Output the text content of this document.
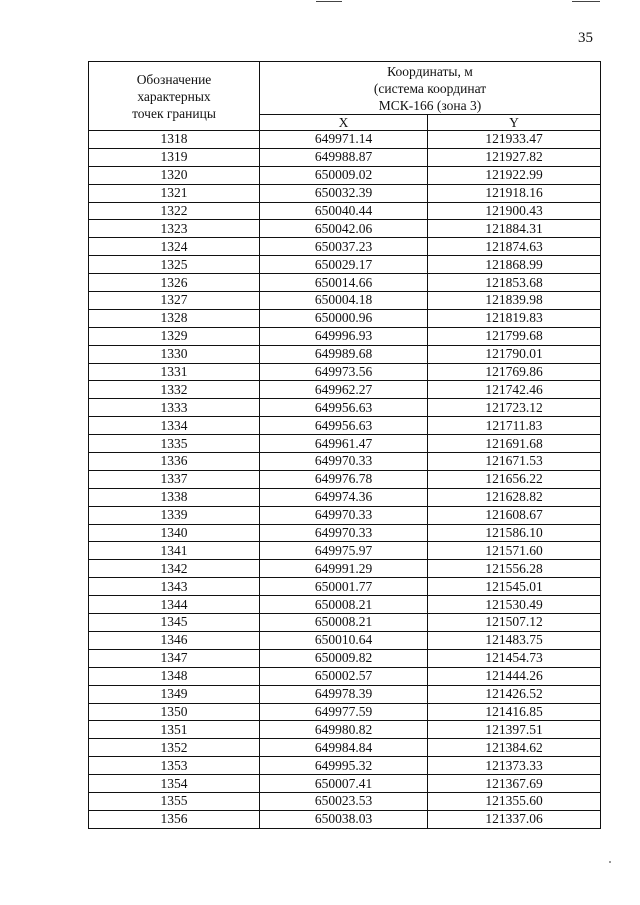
35
Обозначение
характерных
точек границы	Координаты, м
(система координат
МСК-166 (зона 3)	
	X	Y
1318	649971.14	121933.47
1319	649988.87	121927.82
1320	650009.02	121922.99
1321	650032.39	121918.16
1322	650040.44	121900.43
1323	650042.06	121884.31
1324	650037.23	121874.63
1325	650029.17	121868.99
1326	650014.66	121853.68
1327	650004.18	121839.98
1328	650000.96	121819.83
1329	649996.93	121799.68
1330	649989.68	121790.01
1331	649973.56	121769.86
1332	649962.27	121742.46
1333	649956.63	121723.12
1334	649956.63	121711.83
1335	649961.47	121691.68
1336	649970.33	121671.53
1337	649976.78	121656.22
1338	649974.36	121628.82
1339	649970.33	121608.67
1340	649970.33	121586.10
1341	649975.97	121571.60
1342	649991.29	121556.28
1343	650001.77	121545.01
1344	650008.21	121530.49
1345	650008.21	121507.12
1346	650010.64	121483.75
1347	650009.82	121454.73
1348	650002.57	121444.26
1349	649978.39	121426.52
1350	649977.59	121416.85
1351	649980.82	121397.51
1352	649984.84	121384.62
1353	649995.32	121373.33
1354	650007.41	121367.69
1355	650023.53	121355.60
1356	650038.03	121337.06
